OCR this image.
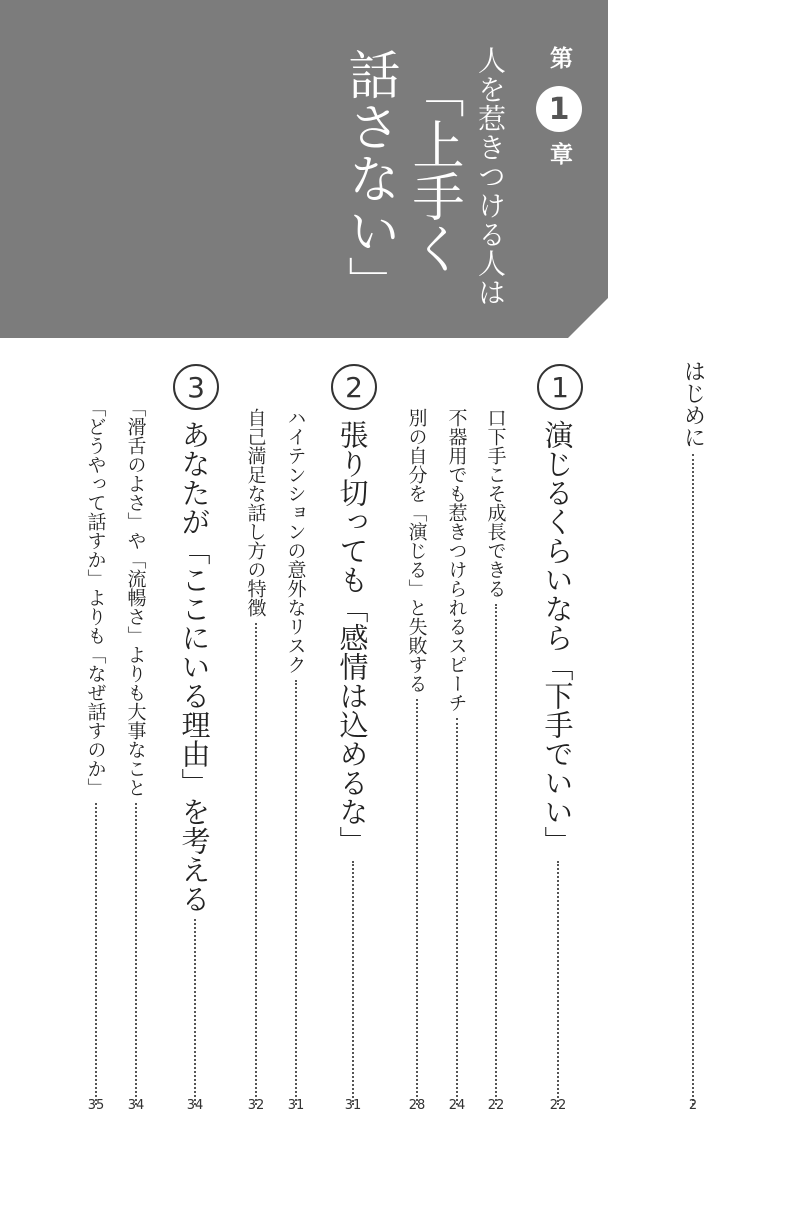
第
1
章
人を惹きつける人は
「上手く
話さない」
はじめに
2
1
演じるくらいなら「下手でいい」
22
口下手こそ成長できる
22
不器用でも惹きつけられるスピーチ
24
別の自分を「演じる」と失敗する
28
2
張り切っても「感情は込めるな」
31
ハイテンションの意外なリスク
31
自己満足な話し方の特徴
32
3
あなたが「ここにいる理由」を考える
34
「滑舌のよさ」や「流暢さ」よりも大事なこと
34
「どうやって話すか」よりも「なぜ話すのか」
35
